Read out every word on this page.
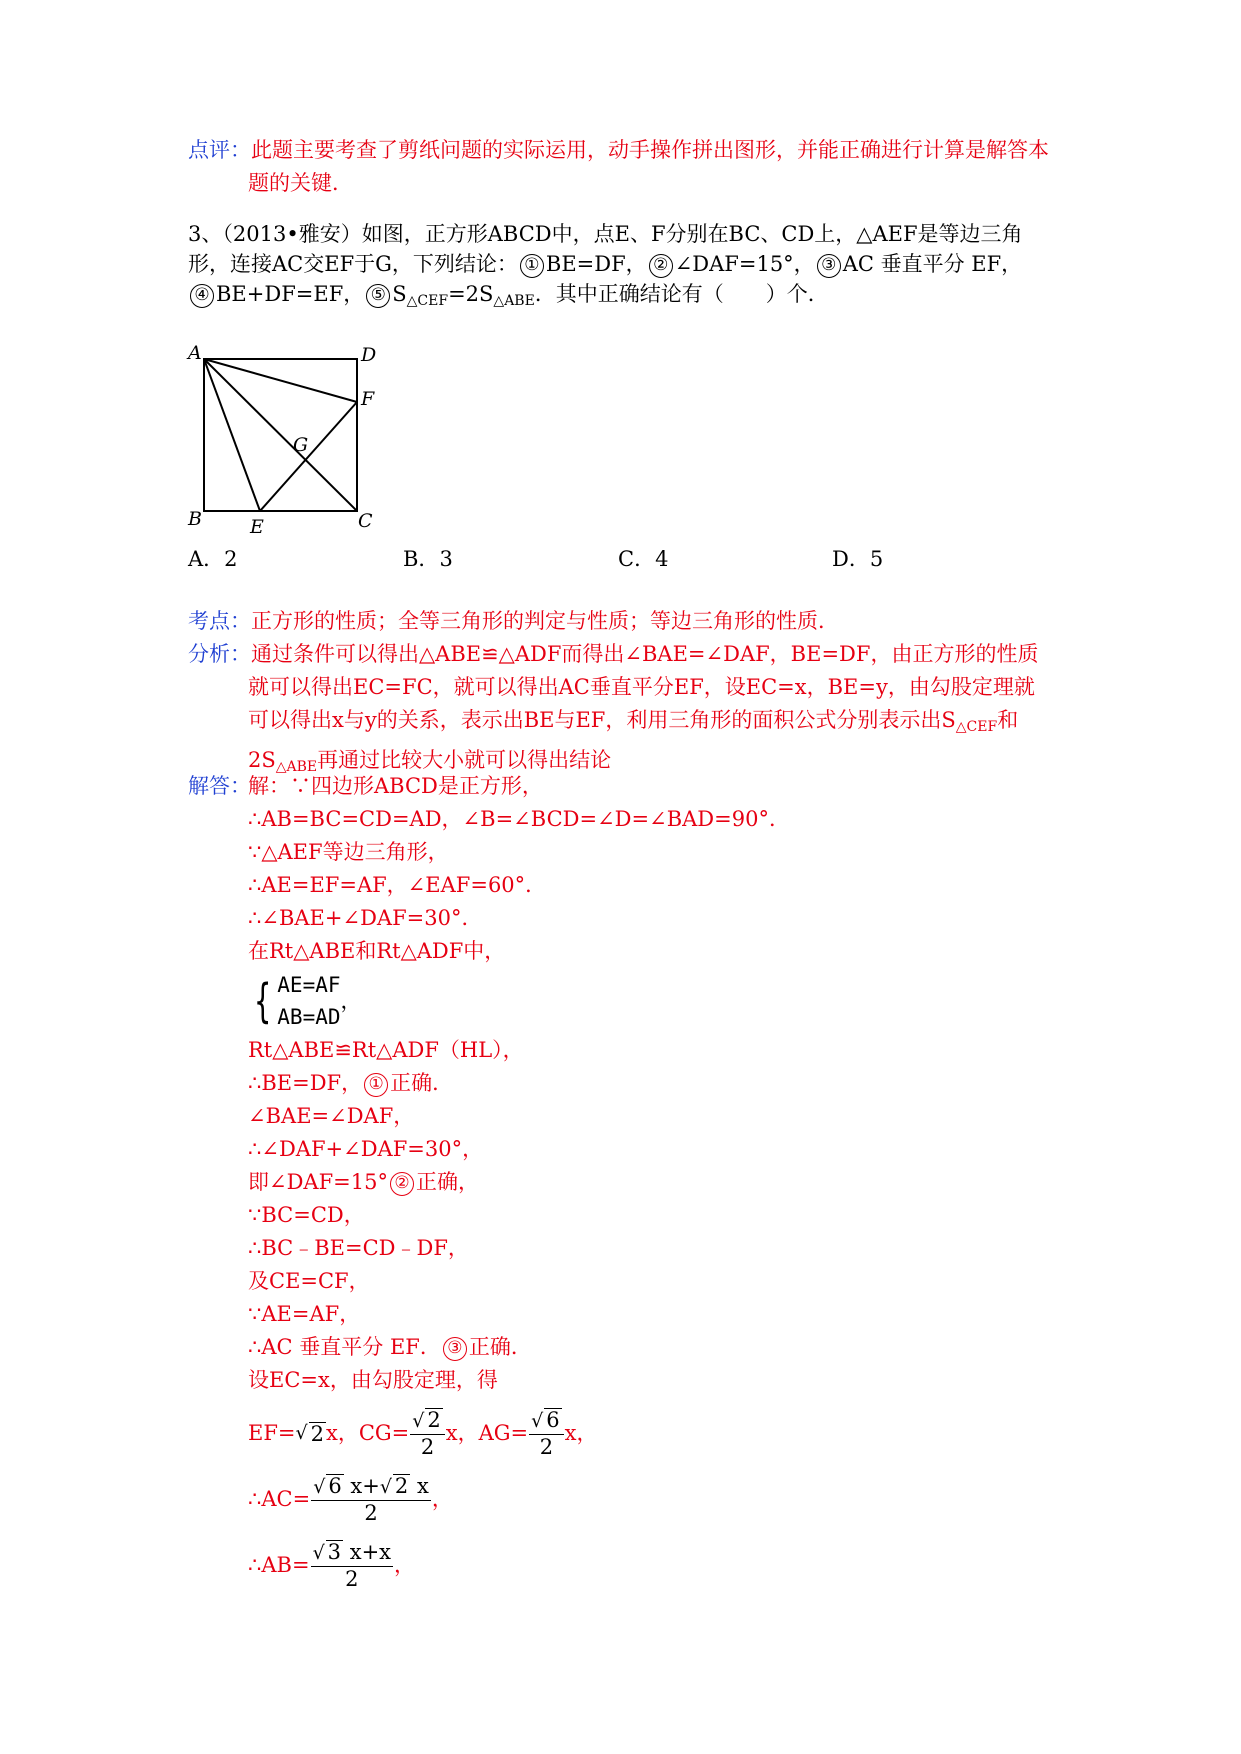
点评：此题主要考查了剪纸问题的实际运用，动手操作拼出图形，并能正确进行计算是解答本题的关键．
3、（2013•雅安）如图，正方形ABCD中，点E、F分别在BC、CD上，△AEF是等边三角
形，连接AC交EF于G，下列结论： ① BE=DF， ② ∠DAF=15°， ③ AC 垂直平分 EF，
④ BE+DF=EF， ⑤ $S_{\triangle CEF}=2S_{\triangle ABE}$．其中正确结论有（　　）个．
A	D
F
G
B	E	C
A．2	B．3	C．4	D．5
考点：正方形的性质；全等三角形的判定与性质；等边三角形的性质．
分析：通过条件可以得出△ABE≌△ADF而得出∠BAE=∠DAF，BE=DF，由正方形的性质就可以得出EC=FC，就可以得出AC垂直平分EF，设EC=x，BE=y，由勾股定理就可以得出x与y的关系，表示出BE与EF，利用三角形的面积公式分别表示出$S_{\triangle CEF}$和$2S_{\triangle ABE}$再通过比较大小就可以得出结论
解答：
解：∵四边形ABCD是正方形，
∴AB=BC=CD=AD，∠B=∠BCD=∠D=∠BAD=90°．
∵△AEF等边三角形，
∴AE=EF=AF，∠EAF=60°．
∴∠BAE+∠DAF=30°．
在Rt△ABE和Rt△ADF中，
{ AE=AF
AB=AD
，
Rt△ABE≌Rt△ADF（HL），
∴BE=DF， ① 正确．
∠BAE=∠DAF，
∴∠DAF+∠DAF=30°，
即∠DAF=15° ② 正确，
∵BC=CD，
∴BC﹣BE=CD﹣DF，
及CE=CF，
∵AE=AF，
∴AC 垂直平分 EF． ③ 正确．
设EC=x，由勾股定理，得
EF= √ 2 x，$CG= \frac{√ 2}{2}$ x，$AG= \frac{√ 6}{2}$ x，
∴AC= $\frac{√ 6 x+√ 2 x}{2}$ ，
∴AB= $\frac{√ 3 x+x}{2}$ ，
